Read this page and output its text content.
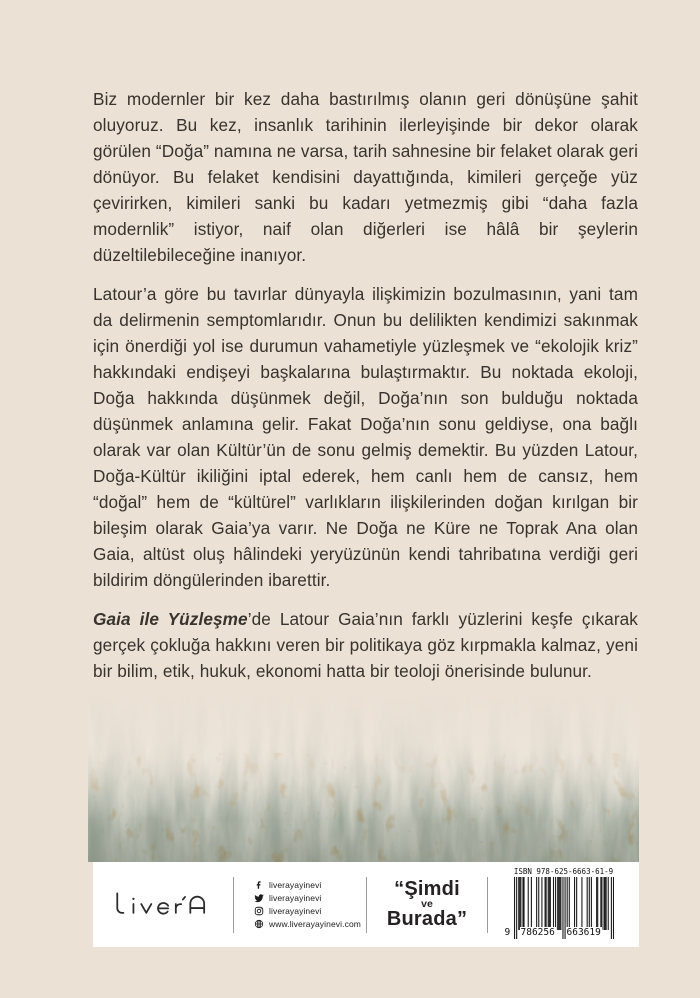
Biz modernler bir kez daha bastırılmış olanın geri dönüşüne şahit oluyoruz. Bu kez, insanlık tarihinin ilerleyişinde bir dekor olarak görülen “Doğa” namına ne varsa, tarih sahnesine bir felaket olarak geri dönüyor. Bu felaket kendisini dayattığında, kimileri gerçeğe yüz çevirirken, kimileri sanki bu kadarı yetmezmiş gibi “daha fazla modernlik” istiyor, naif olan diğerleri ise hâlâ bir şeylerin düzeltilebileceğine inanıyor.

Latour’a göre bu tavırlar dünyayla ilişkimizin bozulmasının, yani tam da delirmenin semptomlarıdır. Onun bu delilikten kendimizi sakınmak için önerdiği yol ise durumun vahametiyle yüzleşmek ve “ekolojik kriz” hakkındaki endişeyi başkalarına bulaştırmaktır. Bu noktada ekoloji, Doğa hakkında düşünmek değil, Doğa’nın son bulduğu noktada düşünmek anlamına gelir. Fakat Doğa’nın sonu geldiyse, ona bağlı olarak var olan Kültür’ün de sonu gelmiş demektir. Bu yüzden Latour, Doğa-Kültür ikiliğini iptal ederek, hem canlı hem de cansız, hem “doğal” hem de “kültürel” varlıkların ilişkilerinden doğan kırılgan bir bileşim olarak Gaia’ya varır. Ne Doğa ne Küre ne Toprak Ana olan Gaia, altüst oluş hâlindeki yeryüzünün kendi tahribatına verdiği geri bildirim döngülerinden ibarettir.

Gaia ile Yüzleşme’de Latour Gaia’nın farklı yüzlerini keşfe çıkarak gerçek çokluğa hakkını veren bir politikaya göz kırpmakla kalmaz, yeni bir bilim, etik, hukuk, ekonomi hatta bir teoloji önerisinde bulunur.

liverayayinevi
liverayayinevi
liverayayinevi
www.liverayayinevi.com
“Şimdi
ve
Burada”
ISBN 978-625-6663-61-9
9 786256 663619
